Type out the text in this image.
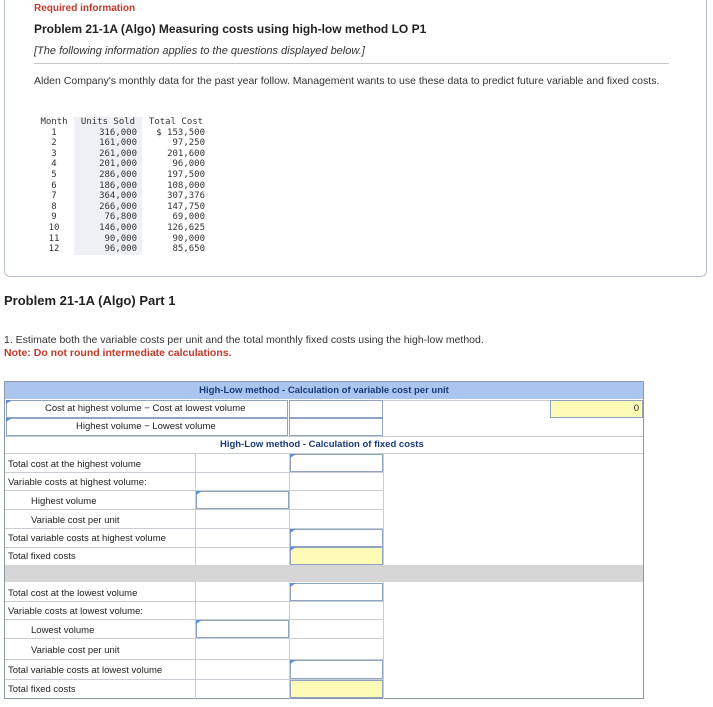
Required information
Problem 21-1A (Algo) Measuring costs using high-low method LO P1
[The following information applies to the questions displayed below.]
Alden Company's monthly data for the past year follow. Management wants to use these data to predict future variable and fixed costs.
Month	Units Sold	Total Cost
1	316,000	$ 153,500
2	161,000	97,250
3	261,000	201,600
4	201,000	96,000
5	286,000	197,500
6	186,000	108,000
7	364,000	307,376
8	266,000	147,750
9	76,800	69,000
10	146,000	126,625
11	90,000	90,000
12	96,000	85,650
Problem 21-1A (Algo) Part 1
1. Estimate both the variable costs per unit and the total monthly fixed costs using the high-low method.
Note: Do not round intermediate calculations.
High-Low method - Calculation of variable cost per unit
Cost at highest volume − Cost at lowest volume	0
Highest volume − Lowest volume
High-Low method - Calculation of fixed costs
Total cost at the highest volume
Variable costs at highest volume:
Highest volume
Variable cost per unit
Total variable costs at highest volume
Total fixed costs
Total cost at the lowest volume
Variable costs at lowest volume:
Lowest volume
Variable cost per unit
Total variable costs at lowest volume
Total fixed costs
